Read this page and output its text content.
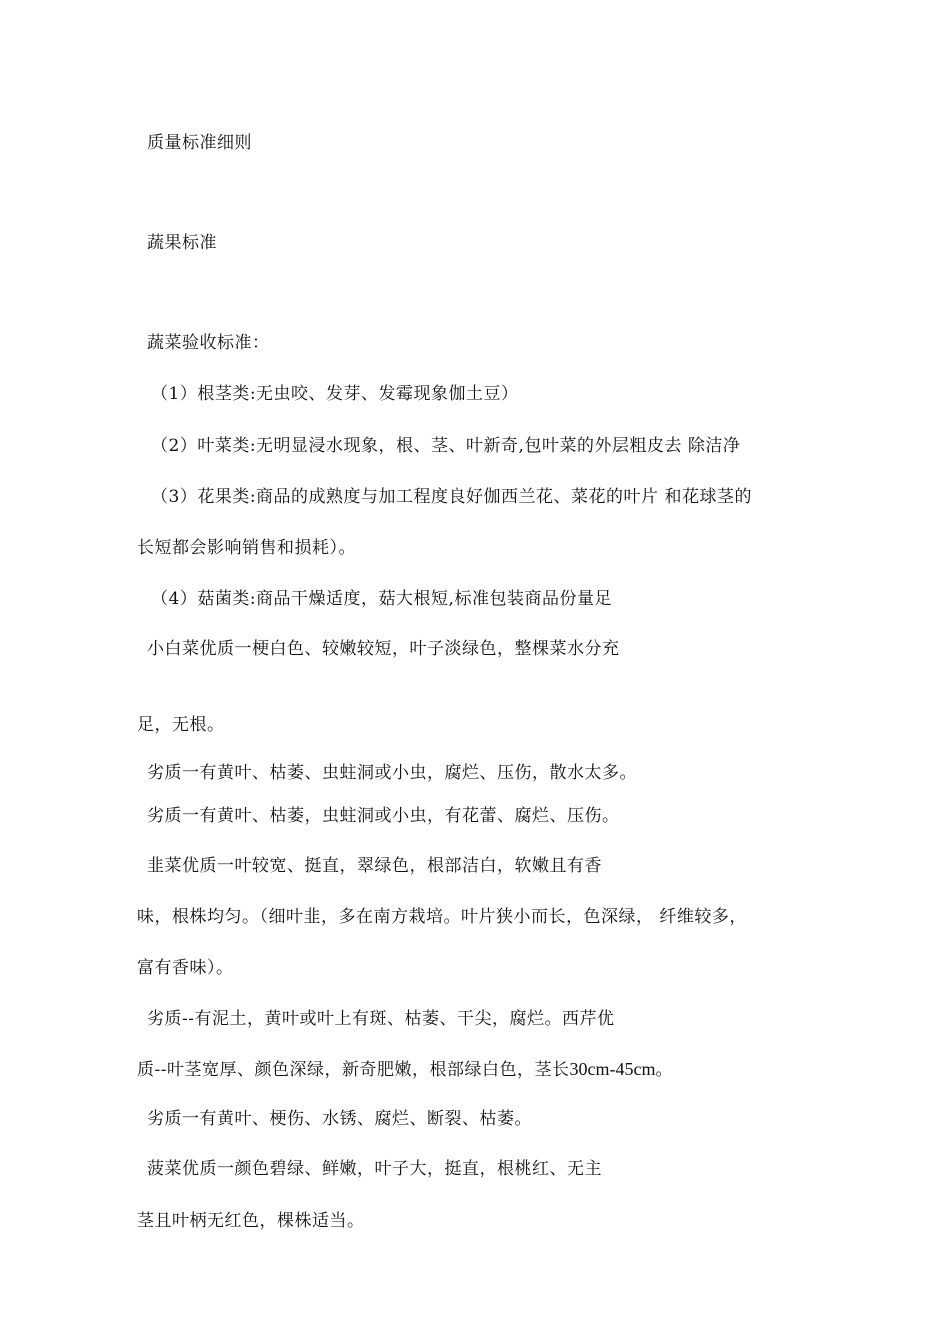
质量标准细则
蔬果标准
蔬菜验收标准：
（1）根茎类:无虫咬、发芽、发霉现象伽土豆）
（2）叶菜类:无明显浸水现象，根、茎、叶新奇,包叶菜的外层粗皮去 除洁净
（3）花果类:商品的成熟度与加工程度良好伽西兰花、菜花的叶片 和花球茎的
长短都会影响销售和损耗）。
（4）菇菌类:商品干燥适度，菇大根短,标准包装商品份量足
小白菜优质一梗白色、较嫩较短，叶子淡绿色，整棵菜水分充
足，无根。
劣质一有黄叶、枯萎、虫蛀洞或小虫，腐烂、压伤，散水太多。
劣质一有黄叶、枯萎，虫蛀洞或小虫，有花蕾、腐烂、压伤。
韭菜优质一叶较宽、挺直，翠绿色，根部洁白，软嫩且有香
味，根株均匀。（细叶韭，多在南方栽培。叶片狭小而长，色深绿， 纤维较多，
富有香味）。
劣质--有泥土，黄叶或叶上有斑、枯萎、干尖，腐烂。西芹优
质--叶茎宽厚、颜色深绿，新奇肥嫩，根部绿白色，茎长30cm-45cm。
劣质一有黄叶、梗伤、水锈、腐烂、断裂、枯萎。
菠菜优质一颜色碧绿、鲜嫩，叶子大，挺直，根桃红、无主
茎且叶柄无红色，棵株适当。
